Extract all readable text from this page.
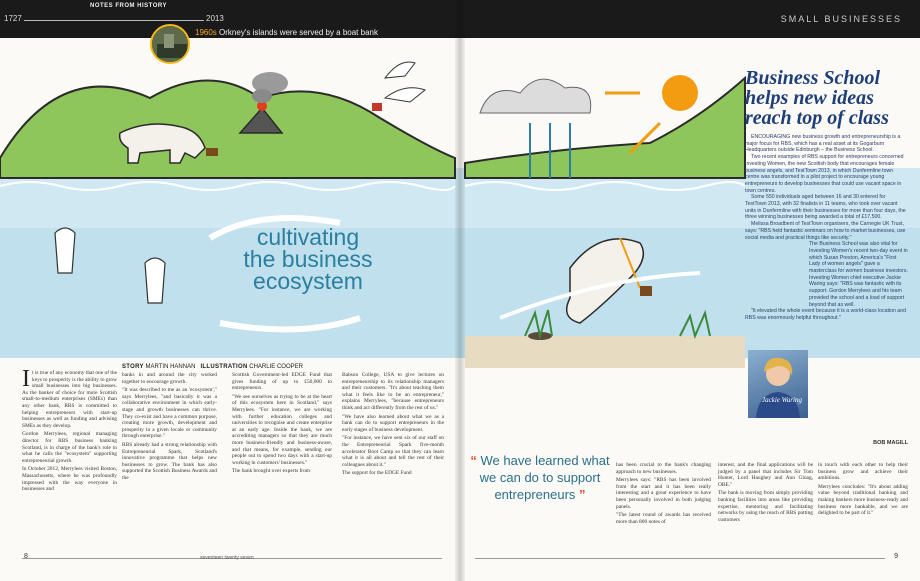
1727	2013
NOTES FROM HISTORY
1960s Orkney's islands were served by a boat bank
SMALL BUSINESSES
cultivating
the business
ecosystem
STORY MARTIN HANNAN ILLUSTRATION CHARLIE COOPER

It is true of any economy that one of the keys to prosperity is the ability to grow small businesses into big businesses. As the banker of choice for more Scottish small-to-medium enterprises (SMEs) than any other bank, RBS is committed to helping entrepreneurs with start-up businesses as well as funding and advising SMEs as they develop.

Gordon Merrylees, regional managing director for RBS business banking Scotland, is in charge of the bank's role in what he calls the "ecosystem" supporting entrepreneurial growth.

In October 2012, Merrylees visited Boston, Massachusetts, where he was profoundly impressed with the way everyone in businesses and

banks in and around the city worked together to encourage growth.

"It was described to me as an 'ecosystem'," says Merrylees, "and basically it was a collaborative environment in which early-stage and growth businesses can thrive. They co-exist and have a common purpose, creating more growth, development and prosperity in a given locale or community through enterprise."

RBS already had a strong relationship with Entrepreneurial Spark, Scotland's innovative programme that helps new businesses to grow. The bank has also supported the Scottish Business Awards and the

Scottish Government-led EDGE Fund that gives funding of up to £50,000 to entrepreneurs.

"We see ourselves as trying to be at the heart of this ecosystem here in Scotland," says Merrylees. "For instance, we are working with further education colleges and universities to recognise and create enterprise at an early age. Inside the bank, we are accrediting managers so that they are much more business-friendly and business-aware, and that means, for example, sending our people out to spend two days with a start-up working in customers' businesses."

The bank brought over experts from

Babson College, USA to give lectures on entrepreneurship to its relationship managers and their customers. "It's about teaching them what it feels like to be an entrepreneur," explains Merrylees, "because entrepreneurs think and act differently from the rest of us."

"We have also learned about what we as a bank can do to support entrepreneurs in the early stages of business development.

"For instance, we have sent six of our staff on the Entrepreneurial Spark five-month accelerator Boot Camp so that they can learn what it is all about and tell the rest of their colleagues about it."

The support for the EDGE Fund

“ We have learned what we can do to support entrepreneurs ”

has been crucial to the bank's changing approach to new businesses.

Merrylees says: "RBS has been involved from the start and it has been really interesting and a great experience to have been personally involved in both judging panels.

"The latest round of awards has received more than 800 notes of

interest, and the final applications will be judged by a panel that includes Sir Tom Hunter, Lord Haughey and Ann Gloag, OBE."

The bank is moving from simply providing banking facilities into areas like providing expertise, mentoring and facilitating networks by using the reach of RBS putting customers

in touch with each other to help their business grow and achieve their ambitions.

Merrylees concludes: "It's about adding value beyond traditional banking and making bankers more business-ready and business more bankable, and we are delighted to be part of it."

Business School helps new ideas reach top of class

ENCOURAGING new business growth and entrepreneurship is a major focus for RBS, which has a real asset at its Gogarburn Headquarters outside Edinburgh – the Business School.

Two recent examples of RBS support for entrepreneurs concerned Investing Women, the new Scottish body that encourages female business angels, and TestTown 2013, in which Dunfermline town centre was transformed in a pilot project to encourage young entrepreneurs to develop businesses that could use vacant space in town centres.

Some 550 individuals aged between 16 and 30 entered for TestTown 2013, with 32 finalists in 11 teams, who took over vacant units in Dunfermline with their businesses for more than four days, the three winning businesses being awarded a total of £17,500.

Melissa Broadbent of TestTown organisers, the Carnegie UK Trust, says: "RBS held fantastic seminars on how to market businesses, use social media and practical things like security."

The Business School was also vital for Investing Women's recent two-day event in which Susan Preston, America's "First Lady of women angels" gave a masterclass for women business investors. Investing Women chief executive Jackie Waring says: "RBS was fantastic with its support. Gordon Merrylees and his team provided the school and a load of support beyond that as well.

"It elevated the whole event because it is a world-class location and RBS was enormously helpful throughout."

Jackie Waring
BOB MAGILL
8	seventeen twenty seven	9
